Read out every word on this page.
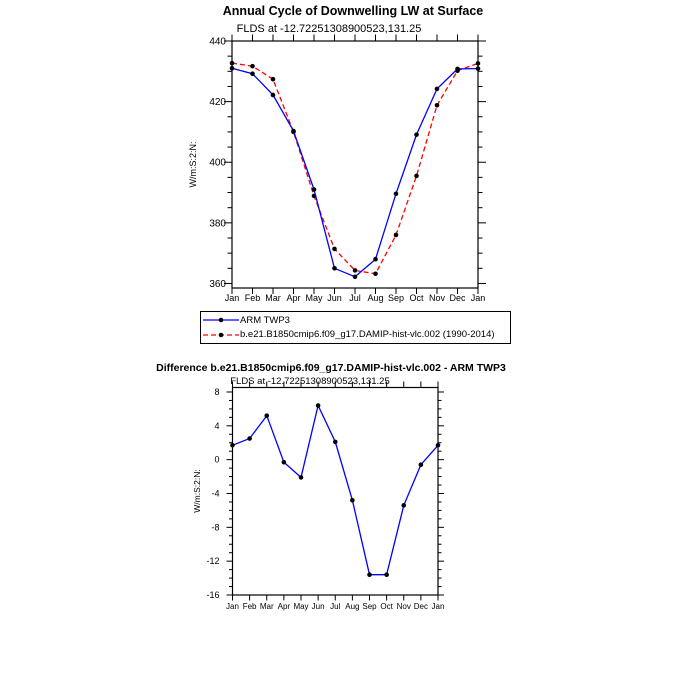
Jan Feb Mar Apr May Jun Jul Aug Sep Oct Nov Dec Jan
360
380
400
420
440
W/m:S:2:N:
Jan Feb Mar Apr May Jun Jul Aug Sep Oct Nov Dec Jan
8
4
0
-4
-8
-12
-16
W/m:S:2:N:
Annual Cycle of Downwelling LW at Surface
FLDS at -12.72251308900523,131.25
ARM TWP3
b.e21.B1850cmip6.f09_g17.DAMIP-hist-vlc.002 (1990-2014)
Difference b.e21.B1850cmip6.f09_g17.DAMIP-hist-vlc.002 - ARM TWP3
FLDS at -12.72251308900523,131.25
